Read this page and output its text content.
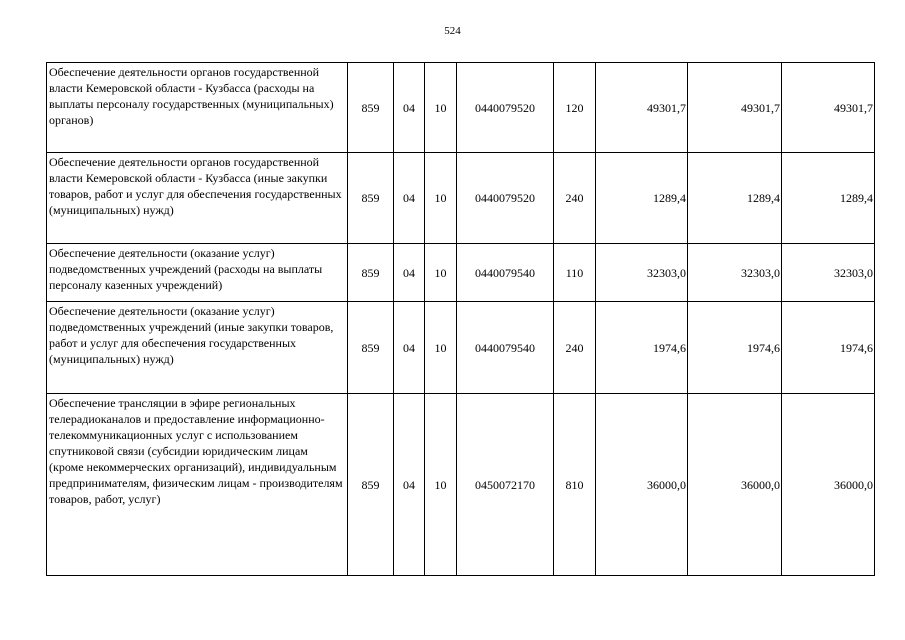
524
Обеспечение деятельности органов государственной власти Кемеровской области - Кузбасса (расходы на выплаты персоналу государственных (муниципальных) органов)	859	04	10	0440079520	120	49301,7	49301,7	49301,7
Обеспечение деятельности органов государственной власти Кемеровской области - Кузбасса (иные закупки товаров, работ и услуг для обеспечения государственных (муниципальных) нужд)	859	04	10	0440079520	240	1289,4	1289,4	1289,4
Обеспечение деятельности (оказание услуг) подведомственных учреждений (расходы на выплаты персоналу казенных учреждений)	859	04	10	0440079540	110	32303,0	32303,0	32303,0
Обеспечение деятельности (оказание услуг) подведомственных учреждений (иные закупки товаров, работ и услуг для обеспечения государственных (муниципальных) нужд)	859	04	10	0440079540	240	1974,6	1974,6	1974,6
Обеспечение трансляции в эфире региональных телерадиоканалов и предоставление информационно-телекоммуникационных услуг с использованием спутниковой связи (субсидии юридическим лицам (кроме некоммерческих организаций), индивидуальным предпринимателям, физическим лицам - производителям товаров, работ, услуг)	859	04	10	0450072170	810	36000,0	36000,0	36000,0
